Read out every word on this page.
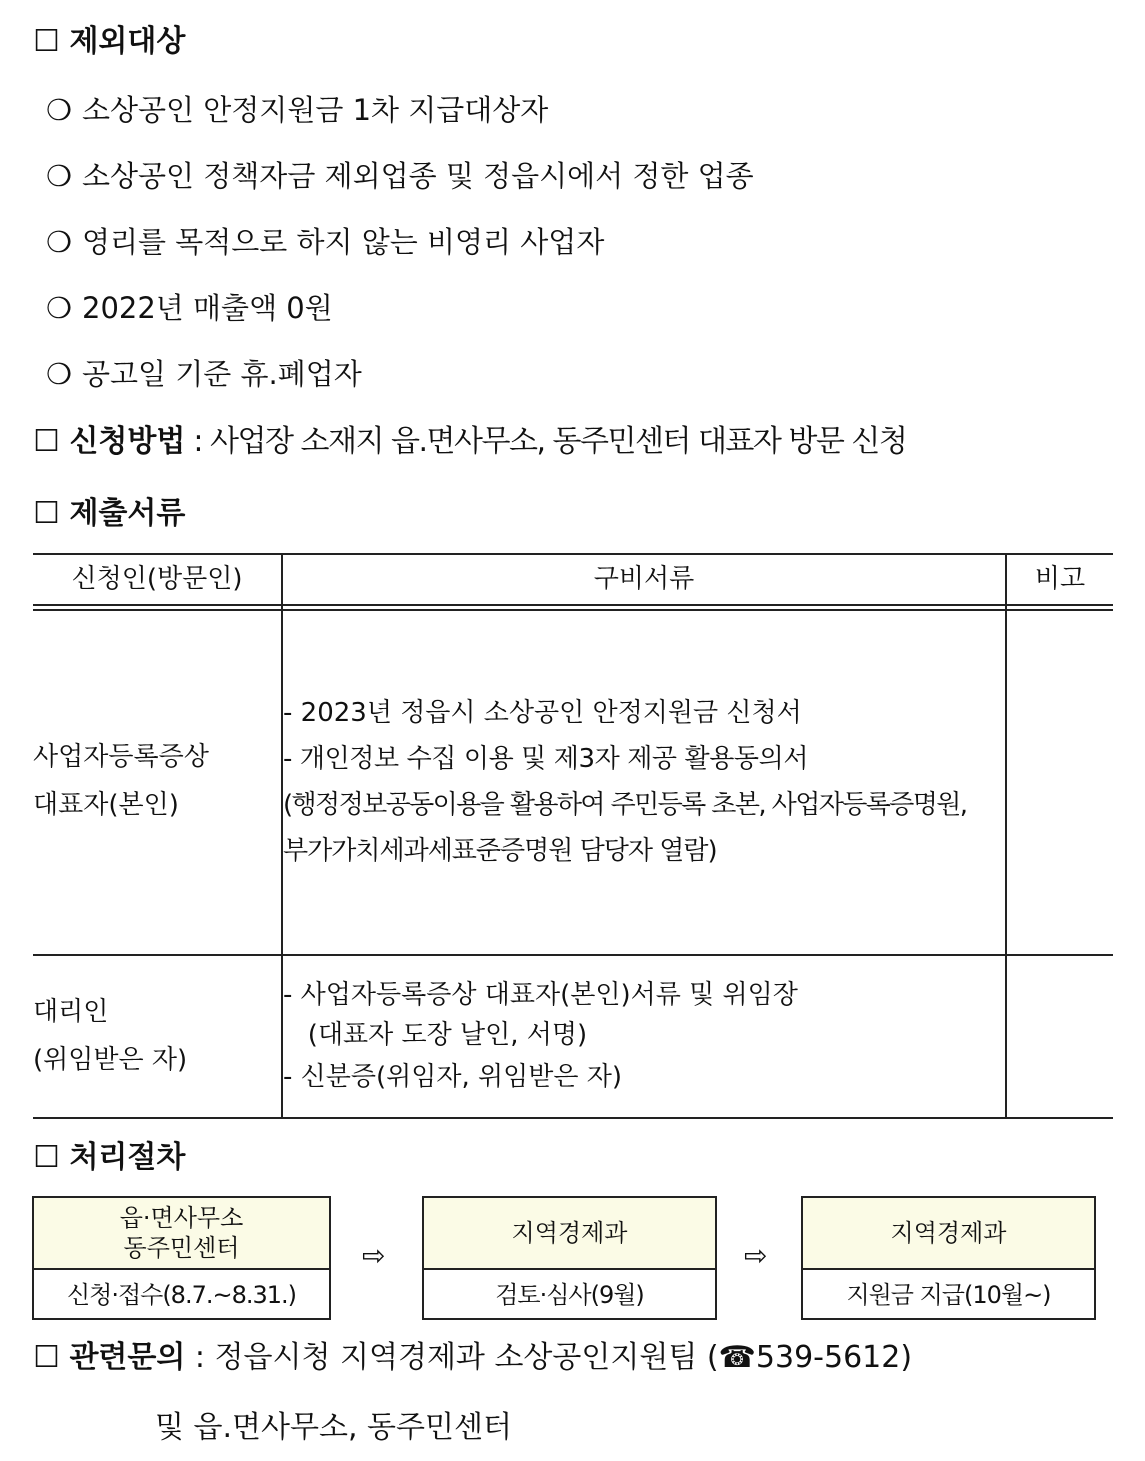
☐ 제외대상
❍ 소상공인 안정지원금 1차 지급대상자
❍ 소상공인 정책자금 제외업종 및 정읍시에서 정한 업종
❍ 영리를 목적으로 하지 않는 비영리 사업자
❍ 2022년 매출액 0원
❍ 공고일 기준 휴.폐업자
☐ 신청방법 : 사업장 소재지 읍.면사무소, 동주민센터 대표자 방문 신청
☐ 제출서류
신청인(방문인)	구비서류	비고
사업자등록증상
대표자(본인)
- 2023년 정읍시 소상공인 안정지원금 신청서
- 개인정보 수집 이용 및 제3자 제공 활용동의서
(행정정보공동이용을 활용하여 주민등록 초본, 사업자등록증명원,
부가가치세과세표준증명원 담당자 열람)
대리인
(위임받은 자)
- 사업자등록증상 대표자(본인)서류 및 위임장
(대표자 도장 날인, 서명)
- 신분증(위임자, 위임받은 자)
☐ 처리절차
읍·면사무소
동주민센터
신청·접수(8.7.~8.31.)
⇨
지역경제과
검토·심사(9월)
⇨
지역경제과
지원금 지급(10월~)
☐ 관련문의 : 정읍시청 지역경제과 소상공인지원팀 (☎539-5612)
및 읍.면사무소, 동주민센터
